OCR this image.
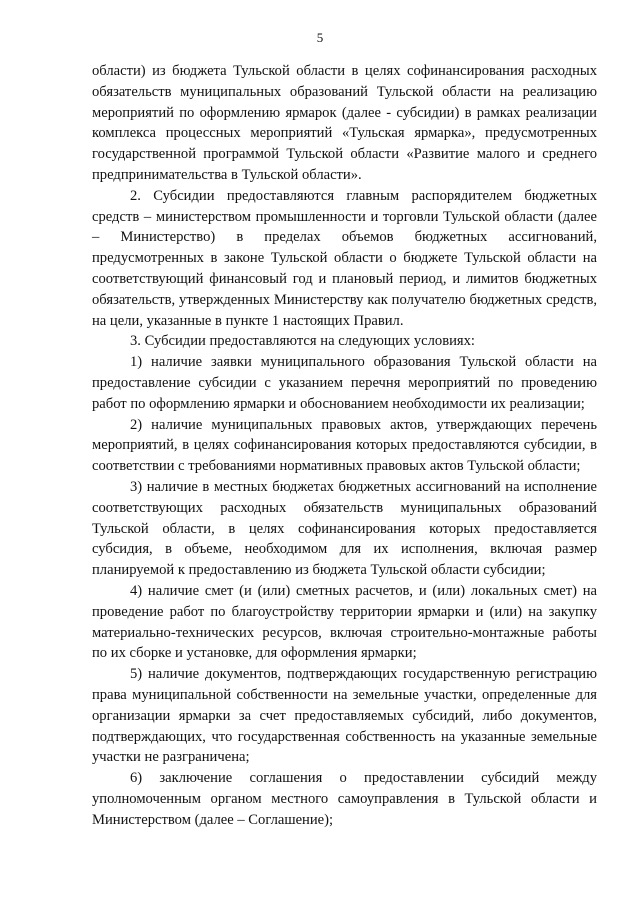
5

области) из бюджета Тульской области в целях софинансирования расходных обязательств муниципальных образований Тульской области на реализацию мероприятий по оформлению ярмарок (далее - субсидии) в рамках реализации комплекса процессных мероприятий «Тульская ярмарка», предусмотренных государственной программой Тульской области «Развитие малого и среднего предпринимательства в Тульской области».

2. Субсидии предоставляются главным распорядителем бюджетных средств – министерством промышленности и торговли Тульской области (далее – Министерство) в пределах объемов бюджетных ассигнований, предусмотренных в законе Тульской области о бюджете Тульской области на соответствующий финансовый год и плановый период, и лимитов бюджетных обязательств, утвержденных Министерству как получателю бюджетных средств, на цели, указанные в пункте 1 настоящих Правил.

3. Субсидии предоставляются на следующих условиях:

1) наличие заявки муниципального образования Тульской области на предоставление субсидии с указанием перечня мероприятий по проведению работ по оформлению ярмарки и обоснованием необходимости их реализации;

2) наличие муниципальных правовых актов, утверждающих перечень мероприятий, в целях софинансирования которых предоставляются субсидии, в соответствии с требованиями нормативных правовых актов Тульской области;

3) наличие в местных бюджетах бюджетных ассигнований на исполнение соответствующих расходных обязательств муниципальных образований Тульской области, в целях софинансирования которых предоставляется субсидия, в объеме, необходимом для их исполнения, включая размер планируемой к предоставлению из бюджета Тульской области субсидии;

4) наличие смет (и (или) сметных расчетов, и (или) локальных смет) на проведение работ по благоустройству территории ярмарки и (или) на закупку материально-технических ресурсов, включая строительно-монтажные работы по их сборке и установке, для оформления ярмарки;

5) наличие документов, подтверждающих государственную регистрацию права муниципальной собственности на земельные участки, определенные для организации ярмарки за счет предоставляемых субсидий, либо документов, подтверждающих, что государственная собственность на указанные земельные участки не разграничена;

6) заключение соглашения о предоставлении субсидий между уполномоченным органом местного самоуправления в Тульской области и Министерством (далее – Соглашение);
